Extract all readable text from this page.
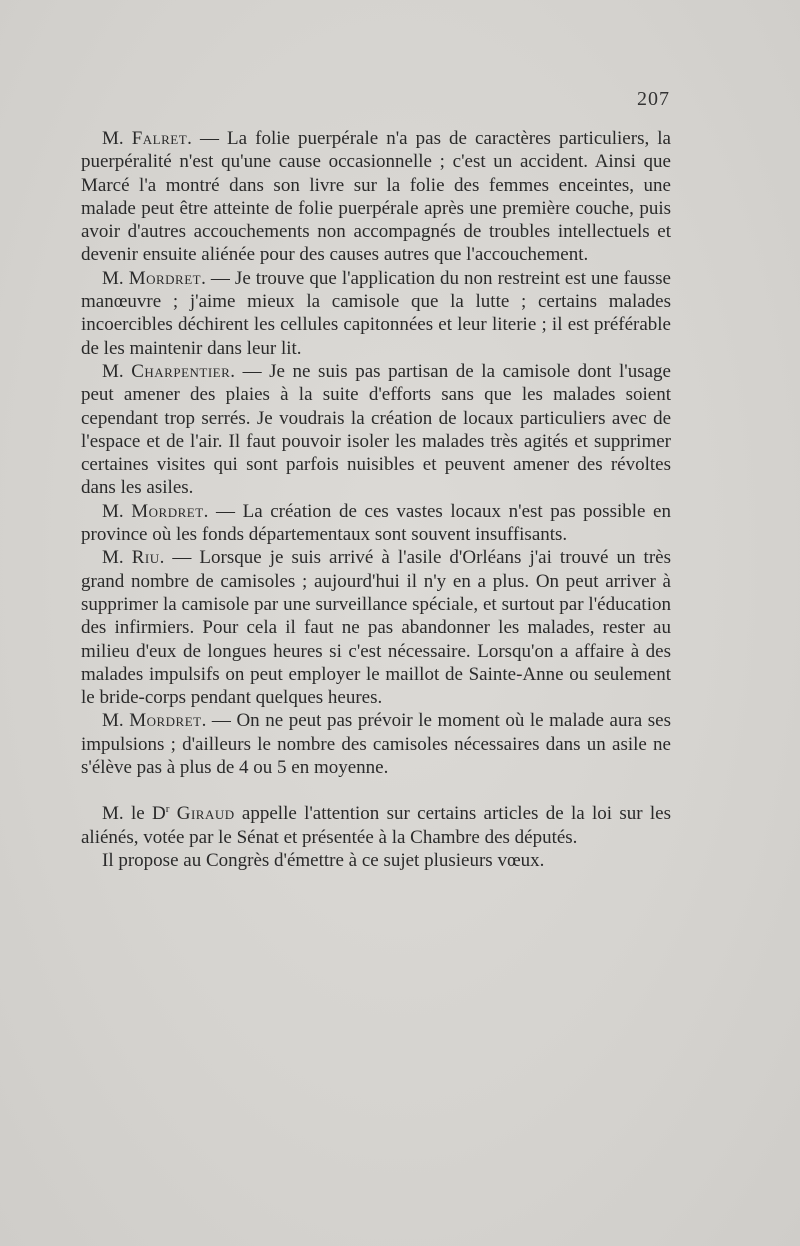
207

M. Falret. — La folie puerpérale n'a pas de caractères particuliers, la puerpéralité n'est qu'une cause occasionnelle ; c'est un accident. Ainsi que Marcé l'a montré dans son livre sur la folie des femmes enceintes, une malade peut être atteinte de folie puerpérale après une première couche, puis avoir d'autres accouchements non accompagnés de troubles intellectuels et devenir ensuite aliénée pour des causes autres que l'accouchement.

M. Mordret. — Je trouve que l'application du non restreint est une fausse manœuvre ; j'aime mieux la camisole que la lutte ; certains malades incoercibles déchirent les cellules capitonnées et leur literie ; il est préférable de les maintenir dans leur lit.

M. Charpentier. — Je ne suis pas partisan de la camisole dont l'usage peut amener des plaies à la suite d'efforts sans que les malades soient cependant trop serrés. Je voudrais la création de locaux particuliers avec de l'espace et de l'air. Il faut pouvoir isoler les malades très agités et supprimer certaines visites qui sont parfois nuisibles et peuvent amener des révoltes dans les asiles.

M. Mordret. — La création de ces vastes locaux n'est pas possible en province où les fonds départementaux sont souvent insuffisants.

M. Riu. — Lorsque je suis arrivé à l'asile d'Orléans j'ai trouvé un très grand nombre de camisoles ; aujourd'hui il n'y en a plus. On peut arriver à supprimer la camisole par une surveillance spéciale, et surtout par l'éducation des infirmiers. Pour cela il faut ne pas abandonner les malades, rester au milieu d'eux de longues heures si c'est nécessaire. Lorsqu'on a affaire à des malades impulsifs on peut employer le maillot de Sainte-Anne ou seulement le bride-corps pendant quelques heures.

M. Mordret. — On ne peut pas prévoir le moment où le malade aura ses impulsions ; d'ailleurs le nombre des camisoles nécessaires dans un asile ne s'élève pas à plus de 4 ou 5 en moyenne.

M. le $D^r$ Giraud appelle l'attention sur certains articles de la loi sur les aliénés, votée par le Sénat et présentée à la Chambre des députés.

Il propose au Congrès d'émettre à ce sujet plusieurs vœux.
